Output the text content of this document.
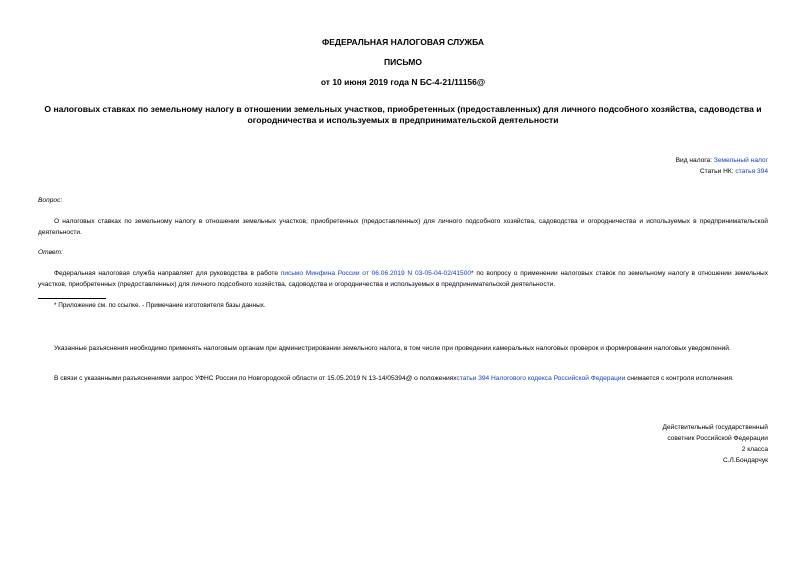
ФЕДЕРАЛЬНАЯ НАЛОГОВАЯ СЛУЖБА
ПИСЬМО
от 10 июня 2019 года N БС-4-21/11156@
О налоговых ставках по земельному налогу в отношении земельных участков, приобретенных (предоставленных) для личного подсобного хозяйства, садоводства и огородничества и используемых в предпринимательской деятельности
Вид налога: Земельный налог
Статьи НК: статья 394
Вопрос:
О налоговых ставках по земельному налогу в отношении земельных участков, приобретенных (предоставленных) для личного подсобного хозяйства, садоводства и огородничества и используемых в предпринимательской деятельности.
Ответ:
Федеральная налоговая служба направляет для руководства в работе письмо Минфина России от 06.06.2019 N 03-05-04-02/41500* по вопросу о применении налоговых ставок по земельному налогу в отношении земельных участков, приобретенных (предоставленных) для личного подсобного хозяйства, садоводства и огородничества и используемых в предпринимательской деятельности.
* Приложение см. по ссылке. - Примечание изготовителя базы данных.
Указанные разъяснения необходимо применять налоговым органам при администрировании земельного налога, в том числе при проведении камеральных налоговых проверок и формировании налоговых уведомлений.
В связи с указанными разъяснениями запрос УФНС России по Новгородской области от 15.05.2019 N 13-14/05394@ о положенияхстатьи 394 Налогового кодекса Российской Федерации снимается с контроля исполнения.
Действительный государственный
советник Российской Федерации
2 класса
С.Л.Бондарчук
